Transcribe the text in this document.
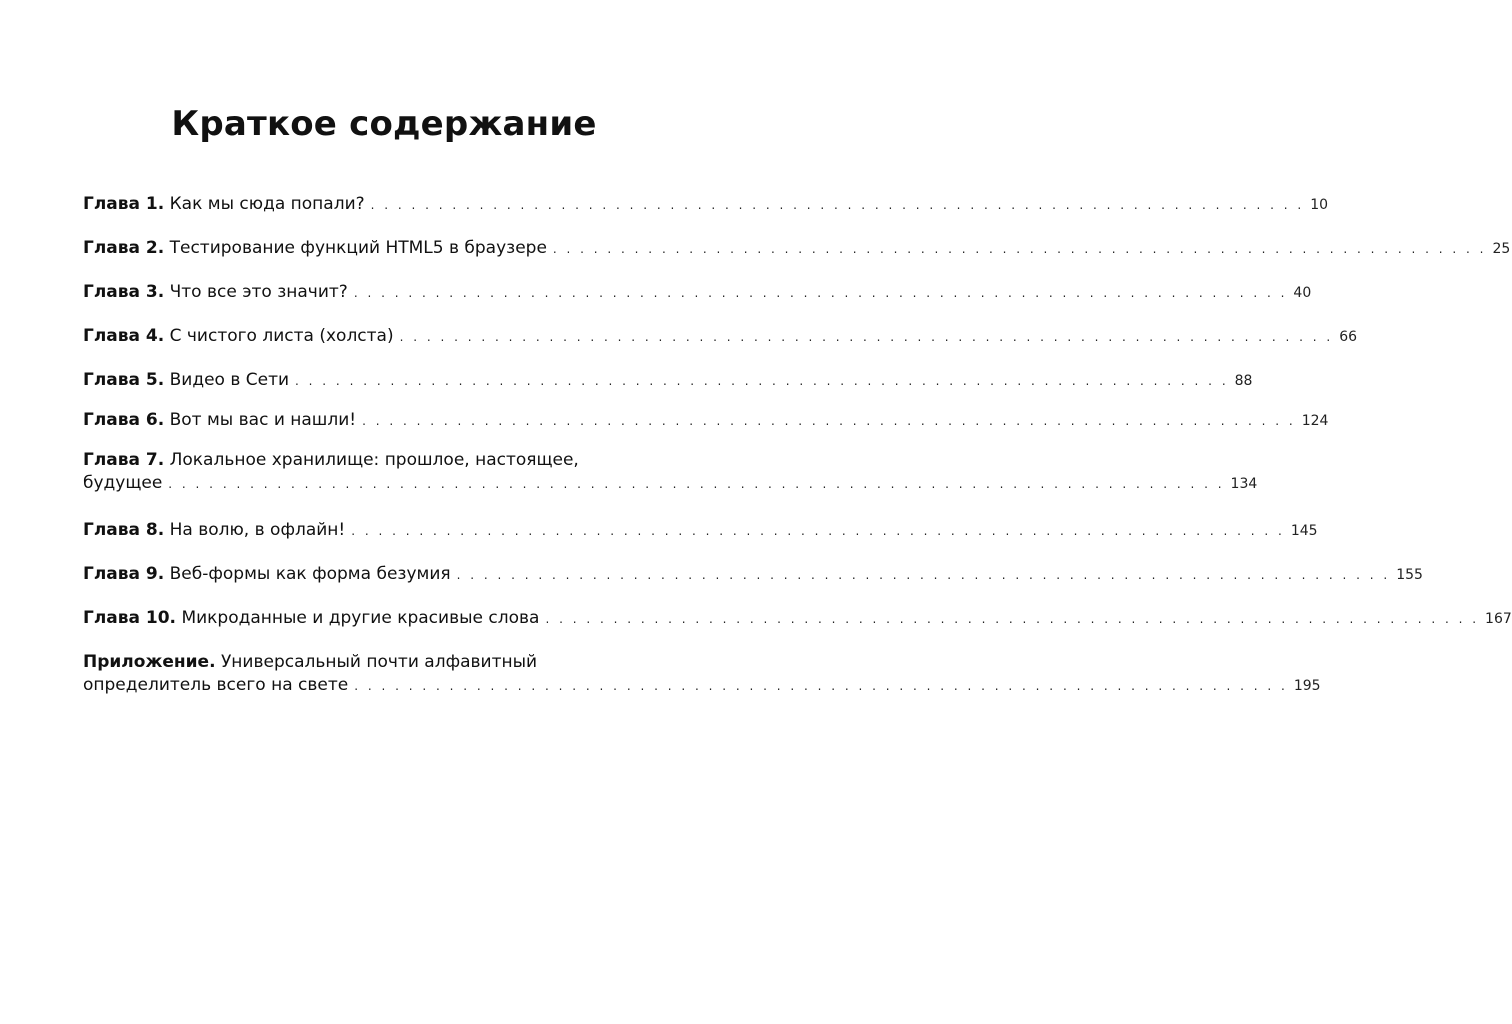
Краткое содержание
Глава 1.
Как мы сюда попали? . . . . . . . . . . . . . . . . . . . . . . . . . . . . . . . . . . . . . . . . . . . . . . . . . . . . . . . . . . . . . . . . . . . . . 10
Глава 2.
Тестирование функций HTML5 в браузере . . . . . . . . . . . . . . . . . . . . . . . . . . . . . . . . . . . . . . . . . . . . . . . . . . . . . . . . . . . . . . . . . . . . . 25
Глава 3.
Что все это значит? . . . . . . . . . . . . . . . . . . . . . . . . . . . . . . . . . . . . . . . . . . . . . . . . . . . . . . . . . . . . . . . . . . . . . 40
Глава 4.
С чистого листа (холста) . . . . . . . . . . . . . . . . . . . . . . . . . . . . . . . . . . . . . . . . . . . . . . . . . . . . . . . . . . . . . . . . . . . . . 66
Глава 5.
Видео в Сети . . . . . . . . . . . . . . . . . . . . . . . . . . . . . . . . . . . . . . . . . . . . . . . . . . . . . . . . . . . . . . . . . . . . . 88
Глава 6.
Вот мы вас и нашли! . . . . . . . . . . . . . . . . . . . . . . . . . . . . . . . . . . . . . . . . . . . . . . . . . . . . . . . . . . . . . . . . . . . . . 124
Глава 7. Локальное хранилище: прошлое, настоящее,
будущее . . . . . . . . . . . . . . . . . . . . . . . . . . . . . . . . . . . . . . . . . . . . . . . . . . . . . . . . . . . . . . . . . . . . . . . . . . . . . . 134
Глава 8.
На волю, в офлайн! . . . . . . . . . . . . . . . . . . . . . . . . . . . . . . . . . . . . . . . . . . . . . . . . . . . . . . . . . . . . . . . . . . . . . 145
Глава 9.
Веб-формы как форма безумия . . . . . . . . . . . . . . . . . . . . . . . . . . . . . . . . . . . . . . . . . . . . . . . . . . . . . . . . . . . . . . . . . . . . . 155
Глава 10.
Микроданные и другие красивые слова . . . . . . . . . . . . . . . . . . . . . . . . . . . . . . . . . . . . . . . . . . . . . . . . . . . . . . . . . . . . . . . . . . . . . 167
Приложение. Универсальный почти алфавитный
определитель всего на свете . . . . . . . . . . . . . . . . . . . . . . . . . . . . . . . . . . . . . . . . . . . . . . . . . . . . . . . . . . . . . . . . . . . . . 195
